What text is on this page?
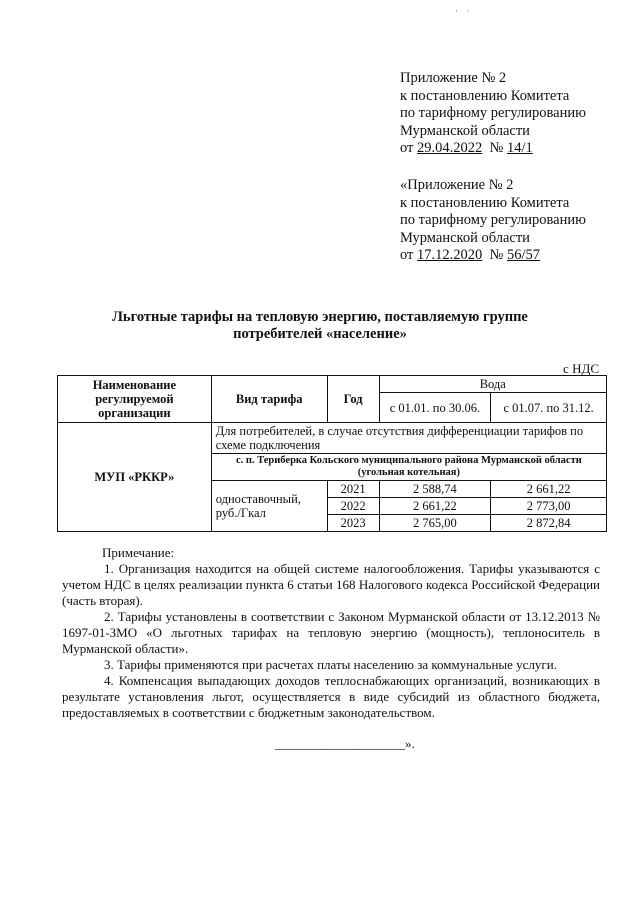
· ·
Приложение № 2
к постановлению Комитета
по тарифному регулированию
Мурманской области
от 29.04.2022 № 14/1
«Приложение № 2
к постановлению Комитета
по тарифному регулированию
Мурманской области
от 17.12.2020 № 56/57
Льготные тарифы на тепловую энергию, поставляемую группе
потребителей «население»
с НДС
Наименование регулируемой организации	Вид тарифа	Год	Вода	
			с 01.01. по 30.06.	с 01.07. по 31.12.
МУП «РККР»	Для потребителей, в случае отсутствия дифференциации тарифов по схеме подключения			
	с. п. Териберка Кольского муниципального района Мурманской области (угольная котельная)			
	одноставочный, руб./Гкал	2021	2 588,74	2 661,22
		2022	2 661,22	2 773,00
		2023	2 765,00	2 872,84

Примечание:

1. Организация находится на общей системе налогообложения. Тарифы указываются с учетом НДС в целях реализации пункта 6 статьи 168 Налогового кодекса Российской Федерации (часть вторая).

2. Тарифы установлены в соответствии с Законом Мурманской области от 13.12.2013 № 1697-01-ЗМО «О льготных тарифах на тепловую энергию (мощность), теплоноситель в Мурманской области».

3. Тарифы применяются при расчетах платы населению за коммунальные услуги.

4. Компенсация выпадающих доходов теплоснабжающих организаций, возникающих в результате установления льгот, осуществляется в виде субсидий из областного бюджета, предоставляемых в соответствии с бюджетным законодательством.

____________________».
